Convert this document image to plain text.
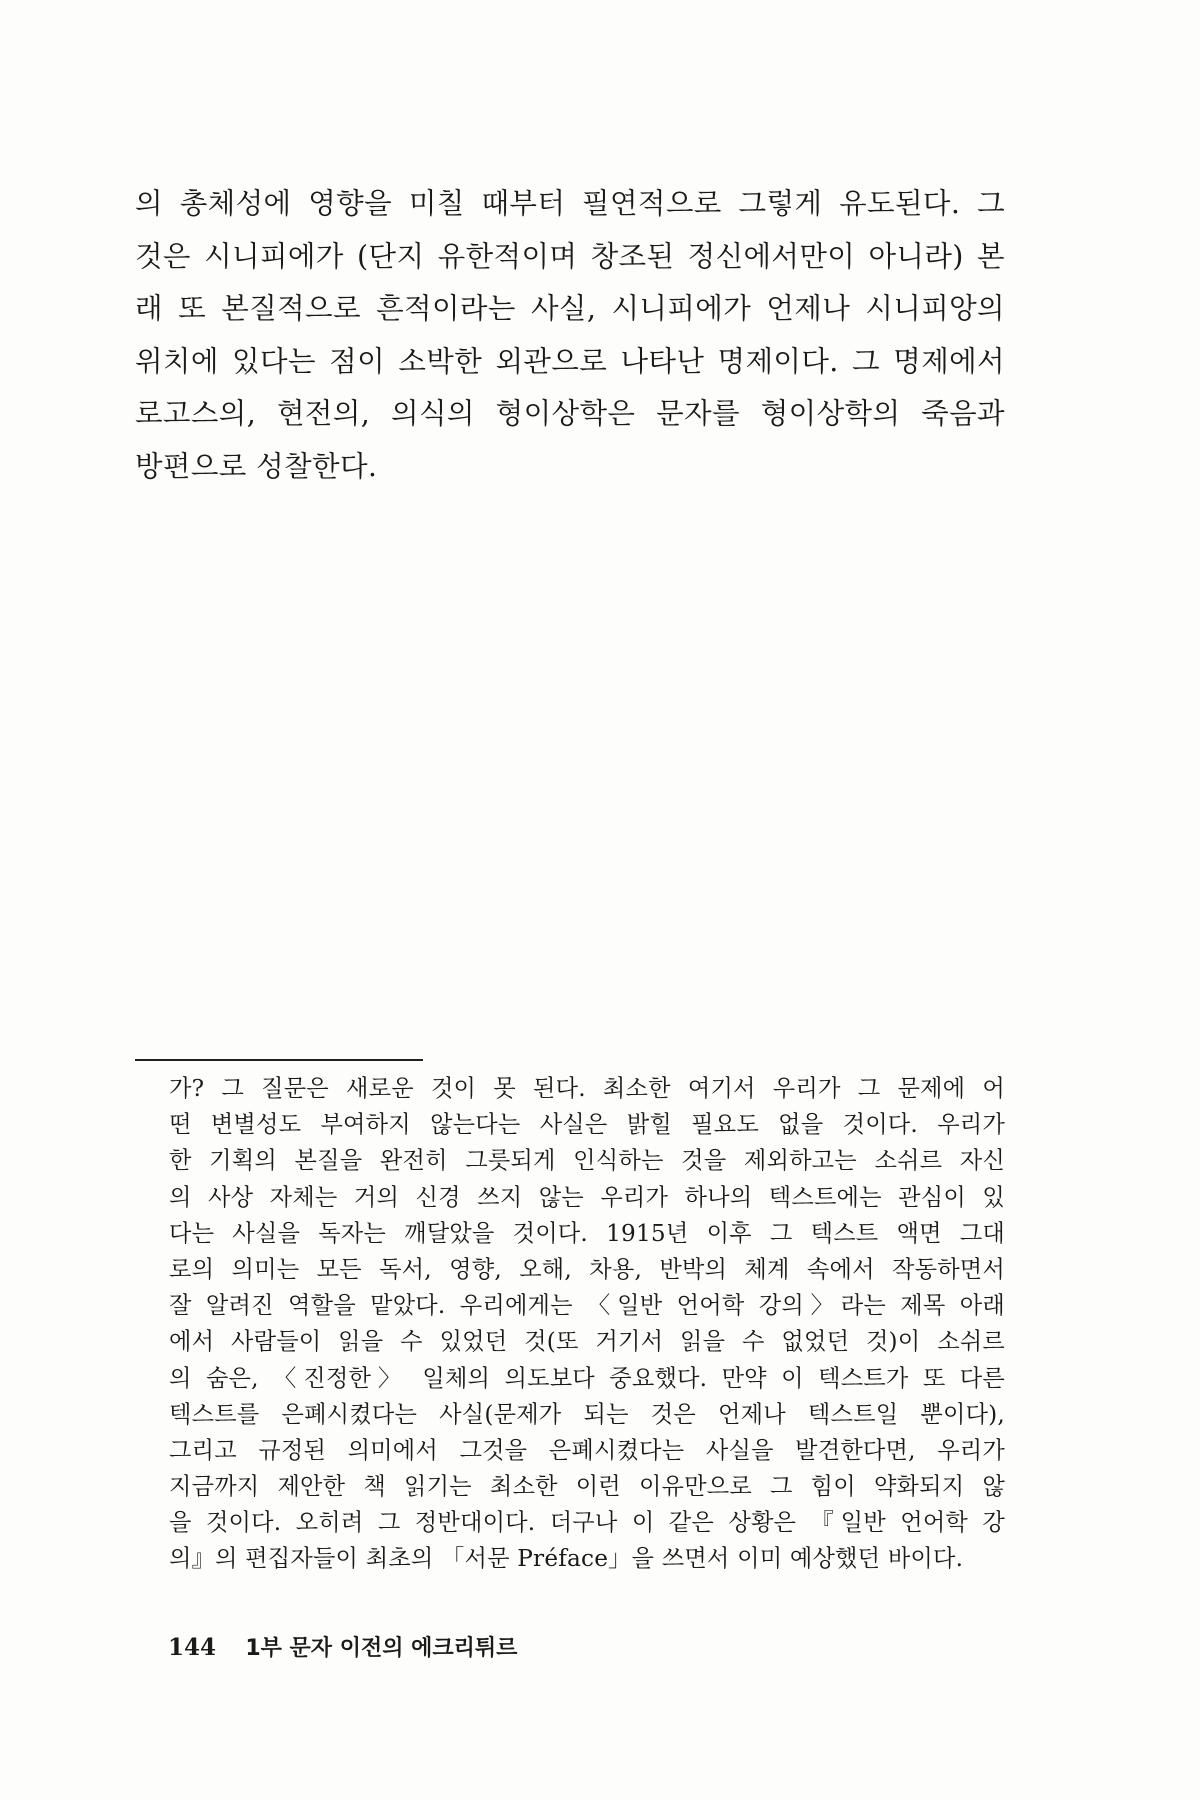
의 총체성에 영향을 미칠 때부터 필연적으로 그렇게 유도된다. 그
것은 시니피에가 (단지 유한적이며 창조된 정신에서만이 아니라) 본
래 또 본질적으로 흔적이라는 사실, 시니피에가 언제나 시니피앙의
위치에 있다는 점이 소박한 외관으로 나타난 명제이다. 그 명제에서
로고스의, 현전의, 의식의 형이상학은 문자를 형이상학의 죽음과
방편으로 성찰한다.
가? 그 질문은 새로운 것이 못 된다. 최소한 여기서 우리가 그 문제에 어
떤 변별성도 부여하지 않는다는 사실은 밝힐 필요도 없을 것이다. 우리가
한 기획의 본질을 완전히 그릇되게 인식하는 것을 제외하고는 소쉬르 자신
의 사상 자체는 거의 신경 쓰지 않는 우리가 하나의 텍스트에는 관심이 있
다는 사실을 독자는 깨달았을 것이다. 1915년 이후 그 텍스트 액면 그대
로의 의미는 모든 독서, 영향, 오해, 차용, 반박의 체계 속에서 작동하면서
잘 알려진 역할을 맡았다. 우리에게는 〈일반 언어학 강의〉라는 제목 아래
에서 사람들이 읽을 수 있었던 것(또 거기서 읽을 수 없었던 것)이 소쉬르
의 숨은, 〈진정한〉 일체의 의도보다 중요했다. 만약 이 텍스트가 또 다른
텍스트를 은폐시켰다는 사실(문제가 되는 것은 언제나 텍스트일 뿐이다),
그리고 규정된 의미에서 그것을 은폐시켰다는 사실을 발견한다면, 우리가
지금까지 제안한 책 읽기는 최소한 이런 이유만으로 그 힘이 약화되지 않
을 것이다. 오히려 그 정반대이다. 더구나 이 같은 상황은 『일반 언어학 강
의』의 편집자들이 최초의 「서문 Préface」을 쓰면서 이미 예상했던 바이다.
144 1부 문자 이전의 에크리튀르
